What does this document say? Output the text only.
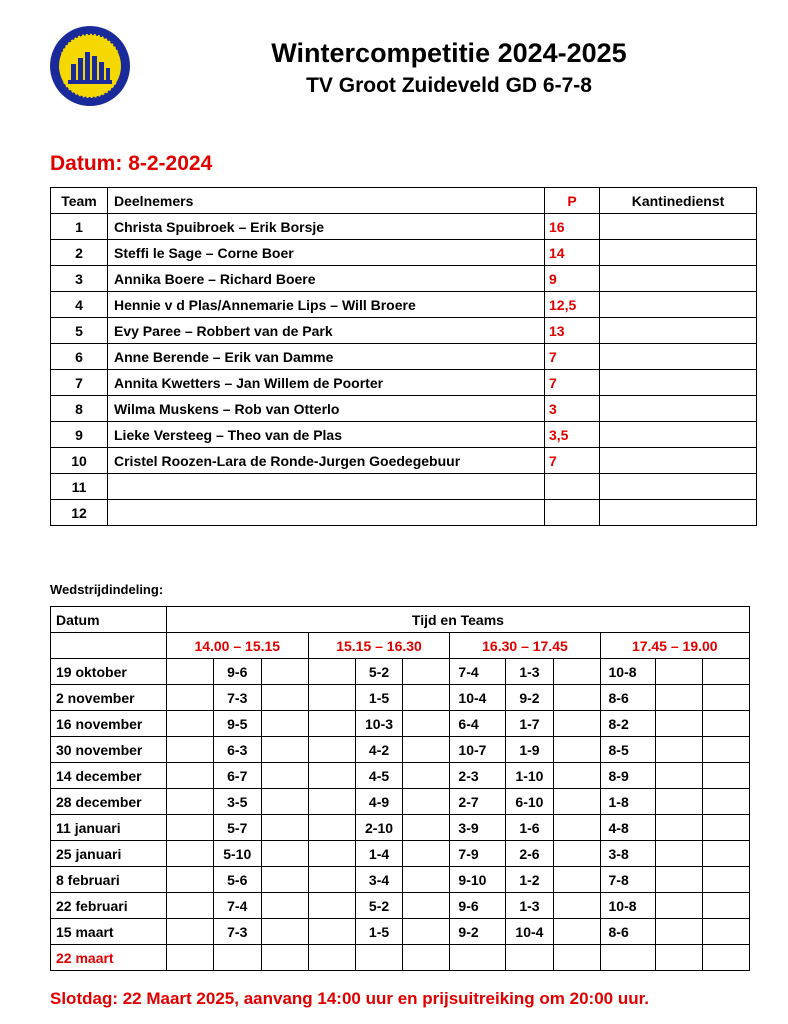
Wintercompetitie 2024-2025
TV Groot Zuideveld GD 6-7-8
Datum: 8-2-2024
Team	Deelnemers	P	Kantinedienst
1	Christa Spuibroek – Erik Borsje	16	
2	Steffi le Sage – Corne Boer	14	
3	Annika Boere – Richard Boere	9	
4	Hennie v d Plas/Annemarie Lips – Will Broere	12,5	
5	Evy Paree – Robbert van de Park	13	
6	Anne Berende – Erik van Damme	7	
7	Annita Kwetters – Jan Willem de Poorter	7	
8	Wilma Muskens – Rob van Otterlo	3	
9	Lieke Versteeg – Theo van de Plas	3,5	
10	Cristel Roozen-Lara de Ronde-Jurgen Goedegebuur	7	
11			
12			
Wedstrijdindeling:
Datum	Tijd en Teams											
	14.00 – 15.15			15.15 – 16.30			16.30 – 17.45			17.45 – 19.00		
19 oktober		9-6			5-2		7-4	1-3		10-8		
2 november		7-3			1-5		10-4	9-2		8-6		
16 november		9-5			10-3		6-4	1-7		8-2		
30 november		6-3			4-2		10-7	1-9		8-5		
14 december		6-7			4-5		2-3	1-10		8-9		
28 december		3-5			4-9		2-7	6-10		1-8		
11 januari		5-7			2-10		3-9	1-6		4-8		
25 januari		5-10			1-4		7-9	2-6		3-8		
8 februari		5-6			3-4		9-10	1-2		7-8		
22 februari		7-4			5-2		9-6	1-3		10-8		
15 maart		7-3			1-5		9-2	10-4		8-6		
22 maart												
Slotdag: 22 Maart 2025, aanvang 14:00 uur en prijsuitreiking om 20:00 uur.
